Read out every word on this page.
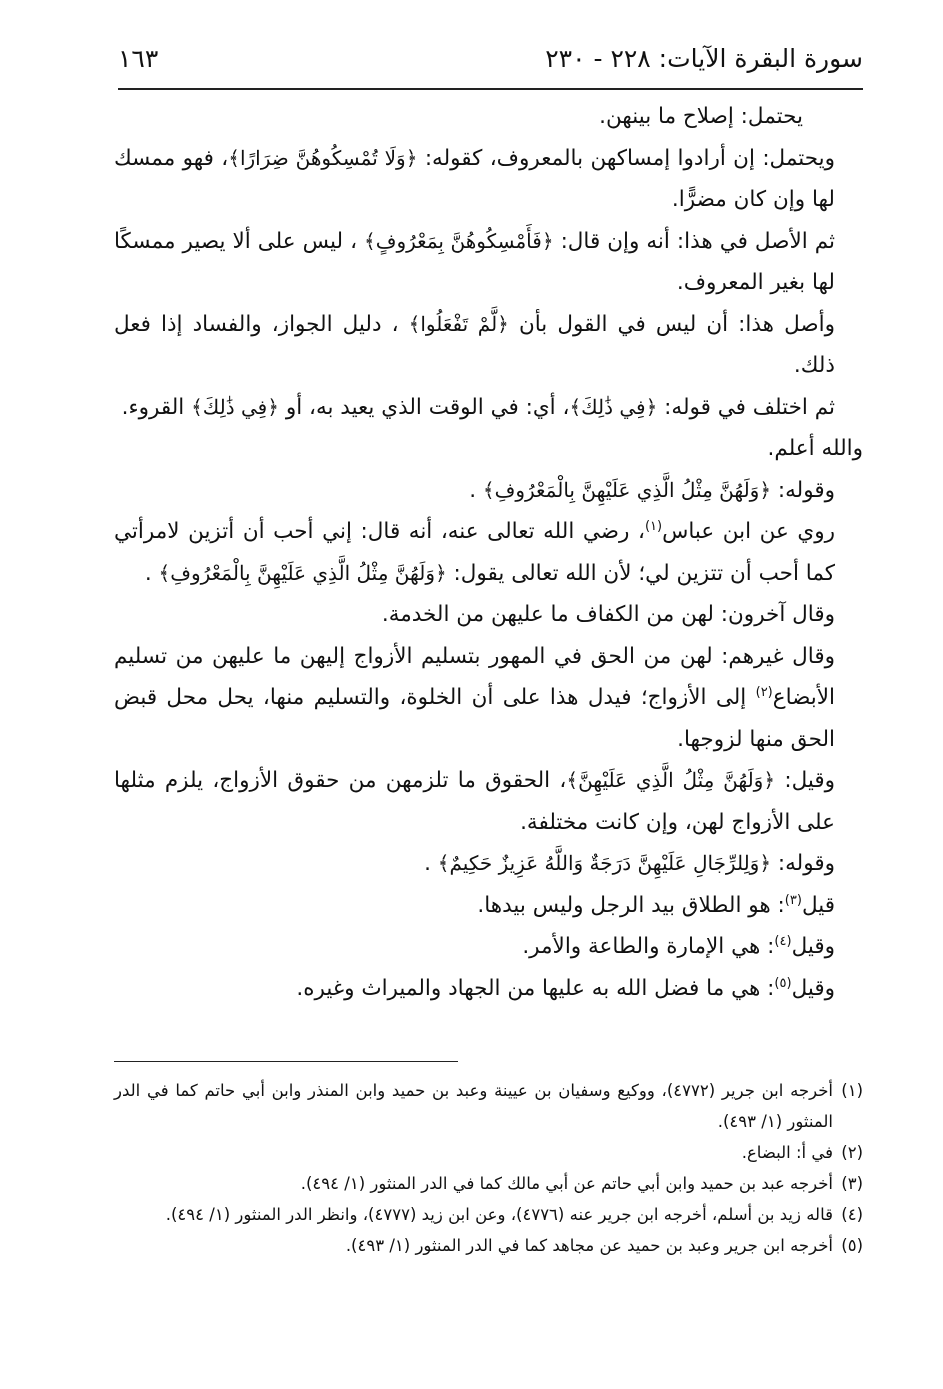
سورة البقرة الآيات: ٢٢٨ - ٢٣٠
١٦٣

يحتمل: إصلاح ما بينهن.

ويحتمل: إن أرادوا إمساكهن بالمعروف، كقوله: ﴿وَلَا تُمْسِكُوهُنَّ ضِرَارًا﴾، فهو ممسك لها وإن كان مضرًّا.

ثم الأصل في هذا: أنه وإن قال: ﴿فَأَمْسِكُوهُنَّ بِمَعْرُوفٍ﴾ ، ليس على ألا يصير ممسكًا لها بغير المعروف.

وأصل هذا: أن ليس في القول بأن ﴿لَّمْ تَفْعَلُوا﴾ ، دليل الجواز، والفساد إذا فعل ذلك.

ثم اختلف في قوله: ﴿فِي ذَٰلِكَ﴾، أي: في الوقت الذي يعيد به، أو ﴿فِي ذَٰلِكَ﴾ القروء.

والله أعلم.

وقوله: ﴿وَلَهُنَّ مِثْلُ الَّذِي عَلَيْهِنَّ بِالْمَعْرُوفِ﴾ .

روي عن ابن عباس$^{(١)}$، رضي الله تعالى عنه، أنه قال: إني أحب أن أتزين لامرأتي كما أحب أن تتزين لي؛ لأن الله تعالى يقول: ﴿وَلَهُنَّ مِثْلُ الَّذِي عَلَيْهِنَّ بِالْمَعْرُوفِ﴾ .

وقال آخرون: لهن من الكفاف ما عليهن من الخدمة.

وقال غيرهم: لهن من الحق في المهور بتسليم الأزواج إليهن ما عليهن من تسليم الأبضاع$^{(٢)}$ إلى الأزواج؛ فيدل هذا على أن الخلوة، والتسليم منها، يحل محل قبض الحق منها لزوجها.

وقيل: ﴿وَلَهُنَّ مِثْلُ الَّذِي عَلَيْهِنَّ﴾، الحقوق ما تلزمهن من حقوق الأزواج، يلزم مثلها على الأزواج لهن، وإن كانت مختلفة.

وقوله: ﴿وَلِلرِّجَالِ عَلَيْهِنَّ دَرَجَةٌ وَاللَّهُ عَزِيزٌ حَكِيمٌ﴾ .

قيل$^{(٣)}$: هو الطلاق بيد الرجل وليس بيدها.

وقيل$^{(٤)}$: هي الإمارة والطاعة والأمر.

وقيل$^{(٥)}$: هي ما فضل الله به عليها من الجهاد والميراث وغيره.

(١)
أخرجه ابن جرير (٤٧٧٢)، ووكيع وسفيان بن عيينة وعبد بن حميد وابن المنذر وابن أبي حاتم كما في الدر المنثور (١/ ٤٩٣).
(٢)
في أ: البضاع.
(٣)
أخرجه عبد بن حميد وابن أبي حاتم عن أبي مالك كما في الدر المنثور (١/ ٤٩٤).
(٤)
قاله زيد بن أسلم، أخرجه ابن جرير عنه (٤٧٧٦)، وعن ابن زيد (٤٧٧٧)، وانظر الدر المنثور (١/ ٤٩٤).
(٥)
أخرجه ابن جرير وعبد بن حميد عن مجاهد كما في الدر المنثور (١/ ٤٩٣).
